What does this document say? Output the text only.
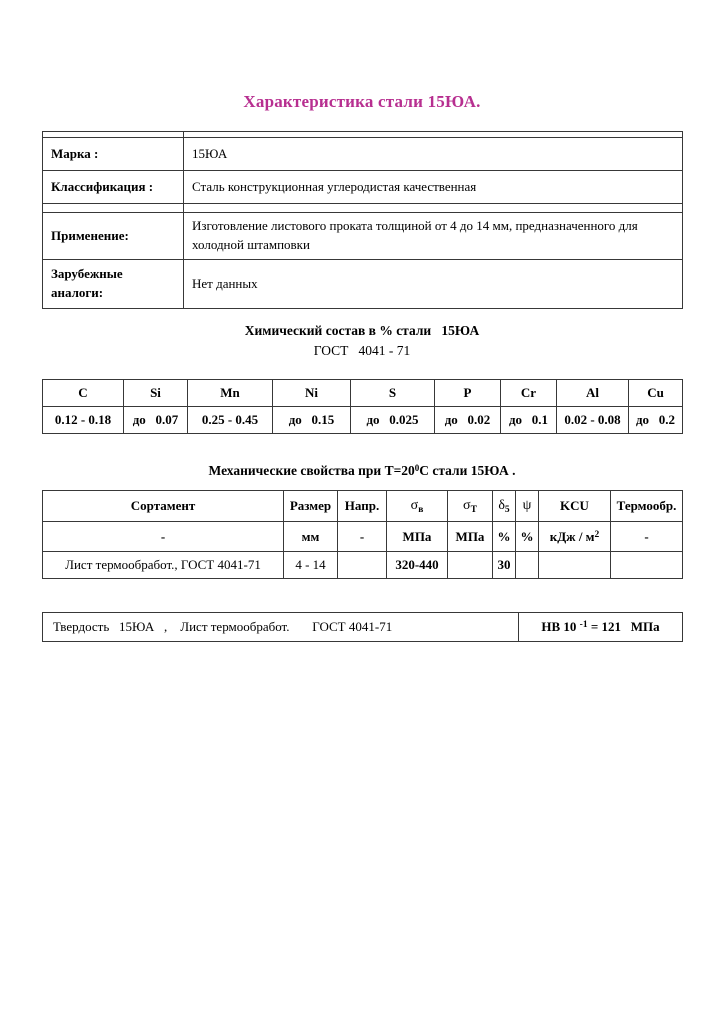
Характеристика стали 15ЮА.

Марка :	15ЮА
Классификация :	Сталь конструкционная углеродистая качественная

Применение:	Изготовление листового проката толщиной от 4 до 14 мм, предназначенного для холодной штамповки
Зарубежные аналоги:	Нет данных
Химический состав в % стали   15ЮА
ГОСТ   4041 - 71
C	Si	Mn	Ni	S	P	Cr	Al	Cu
0.12 - 0.18	до   0.07	0.25 - 0.45	до   0.15	до   0.025	до   0.02	до   0.1	0.02 - 0.08	до   0.2
Механические свойства при $Т=20^0С$ стали 15ЮА .
Сортамент	Размер	Напр.	$\sigma_в$	$\sigma_Т$	$\delta_5$	ψ	KCU	Термообр.
-	мм	-	МПа	МПа	%	%	кДж / $м^2$	-
Лист термообработ., ГОСТ 4041-71	4 - 14		320-440		30			
Твердость   15ЮА   ,    Лист термообработ.       ГОСТ 4041-71	НВ 10 $^{-1}$ = 121   МПа
